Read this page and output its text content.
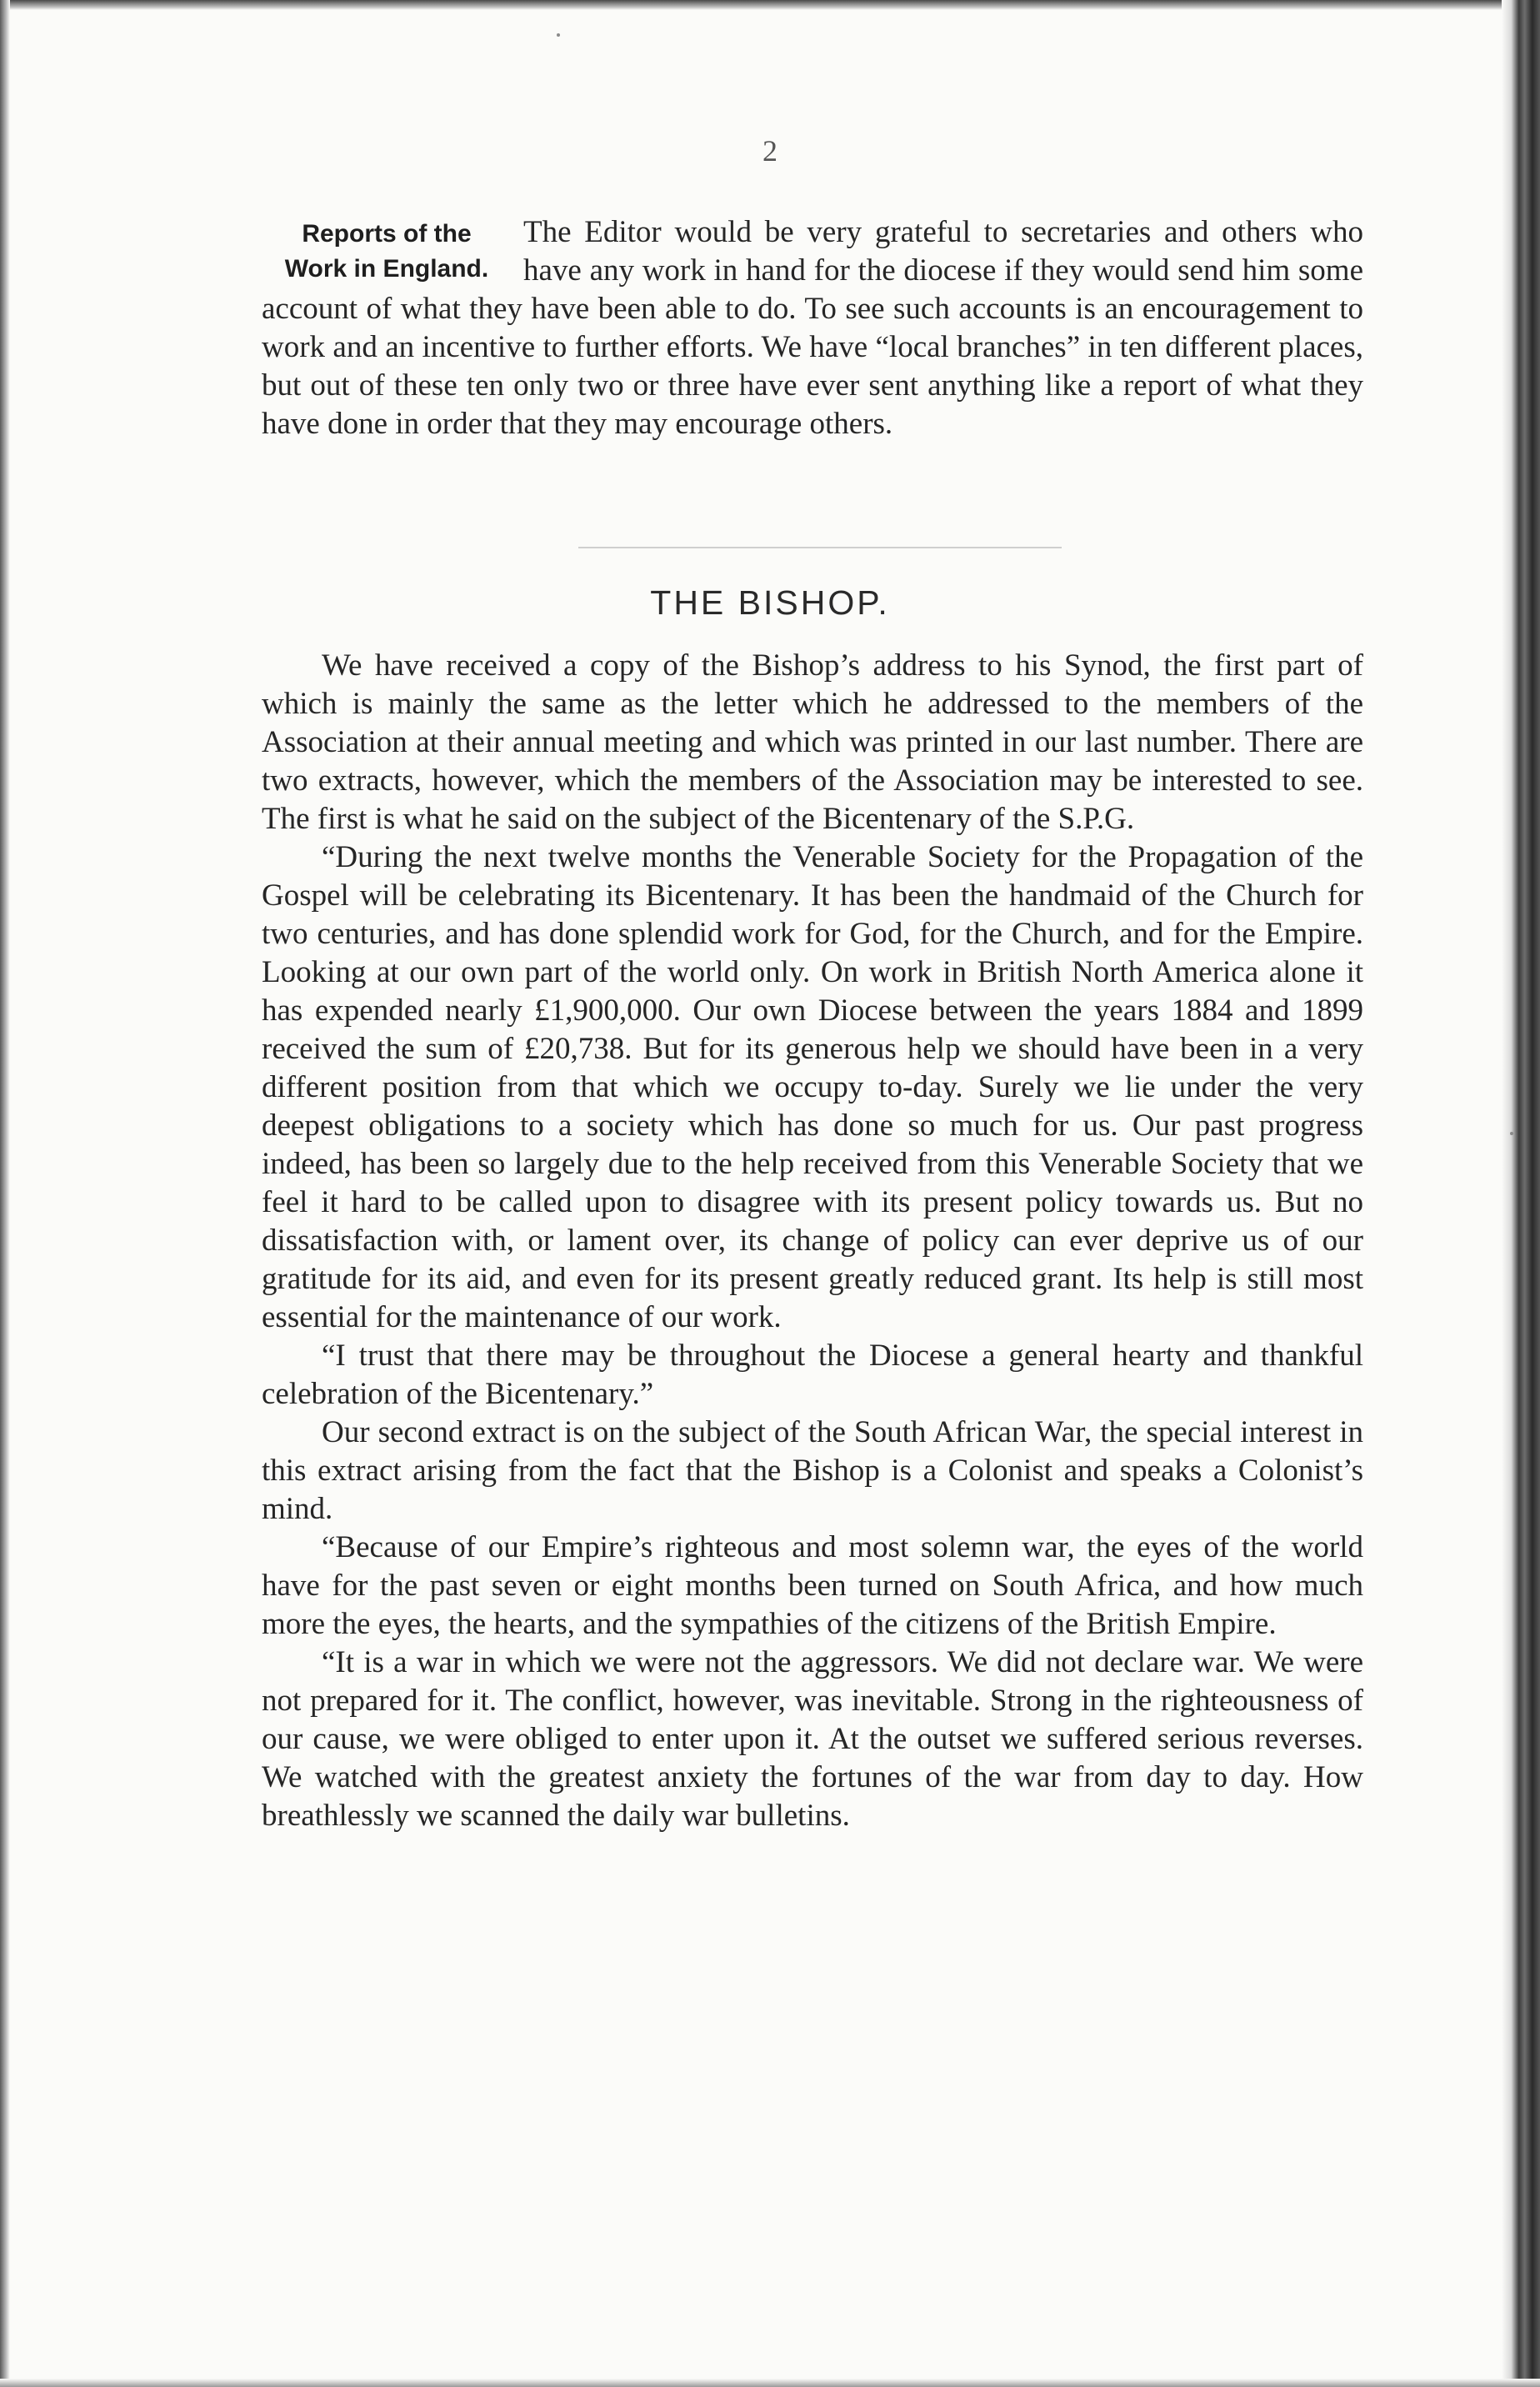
2
Reports of the
Work in England.

The Editor would be very grateful to secretaries and others who have any work in hand for the diocese if they would send him some account of what they have been able to do. To see such accounts is an encouragement to work and an incentive to further efforts. We have “local branches” in ten different places, but out of these ten only two or three have ever sent anything like a report of what they have done in order that they may encourage others.

THE BISHOP.

We have received a copy of the Bishop’s address to his Synod, the first part of which is mainly the same as the letter which he addressed to the members of the Association at their annual meeting and which was printed in our last number. There are two extracts, however, which the members of the Association may be interested to see. The first is what he said on the subject of the Bicentenary of the S.P.G.

“During the next twelve months the Venerable Society for the Propagation of the Gospel will be celebrating its Bicentenary. It has been the handmaid of the Church for two centuries, and has done splendid work for God, for the Church, and for the Empire. Looking at our own part of the world only. On work in British North America alone it has expended nearly £1,900,000. Our own Diocese between the years 1884 and 1899 received the sum of £20,738. But for its generous help we should have been in a very different position from that which we occupy to-day. Surely we lie under the very deepest obligations to a society which has done so much for us. Our past progress indeed, has been so largely due to the help received from this Venerable Society that we feel it hard to be called upon to disagree with its present policy towards us. But no dissatisfaction with, or lament over, its change of policy can ever deprive us of our gratitude for its aid, and even for its present greatly reduced grant. Its help is still most essential for the maintenance of our work.

“I trust that there may be throughout the Diocese a general hearty and thankful celebration of the Bicentenary.”

Our second extract is on the subject of the South African War, the special interest in this extract arising from the fact that the Bishop is a Colonist and speaks a Colonist’s mind.

“Because of our Empire’s righteous and most solemn war, the eyes of the world have for the past seven or eight months been turned on South Africa, and how much more the eyes, the hearts, and the sympathies of the citizens of the British Empire.

“It is a war in which we were not the aggressors. We did not declare war. We were not prepared for it. The conflict, however, was inevitable. Strong in the righteousness of our cause, we were obliged to enter upon it. At the outset we suffered serious reverses. We watched with the greatest anxiety the fortunes of the war from day to day. How breathlessly we scanned the daily war bulletins.
